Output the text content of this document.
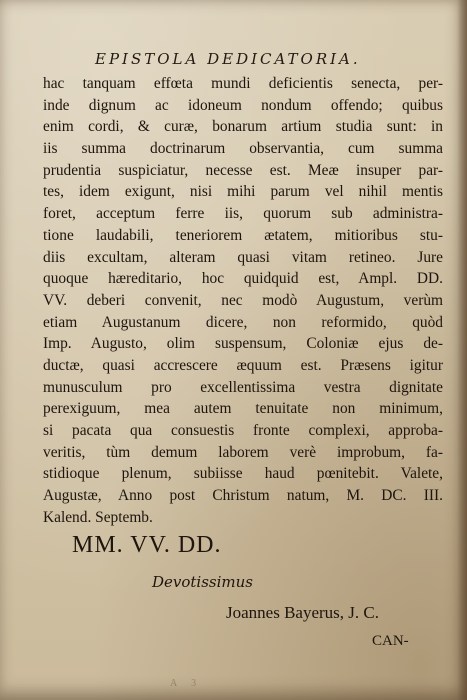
EPISTOLA DEDICATORIA.
hac tanquam effœta mundi deficientis senecta, per-
inde dignum ac idoneum nondum offendo; quibus
enim cordi, & curæ, bonarum artium studia sunt: in
iis summa doctrinarum observantia, cum summa
prudentia suspiciatur, necesse est. Meæ insuper par-
tes, idem exigunt, nisi mihi parum vel nihil mentis
foret, acceptum ferre iis, quorum sub administra-
tione laudabili, teneriorem ætatem, mitioribus stu-
diis excultam, alteram quasi vitam retineo. Jure
quoque hæreditario, hoc quidquid est, Ampl. DD.
VV. deberi convenit, nec modò Augustum, verùm
etiam Augustanum dicere, non reformido, quòd
Imp. Augusto, olim suspensum, Coloniæ ejus de-
ductæ, quasi accrescere æquum est. Præsens igitur
munusculum pro excellentissima vestra dignitate
perexiguum, mea autem tenuitate non minimum,
si pacata qua consuestis fronte complexi, approba-
veritis, tùm demum laborem verè improbum, fa-
stidioque plenum, subiisse haud pœnitebit. Valete,
Augustæ, Anno post Christum natum, M. DC. III.
Kalend. Septemb.
MM. VV. DD.
Devotissimus
Joannes Bayerus, J. C.
CAN-
A 3
